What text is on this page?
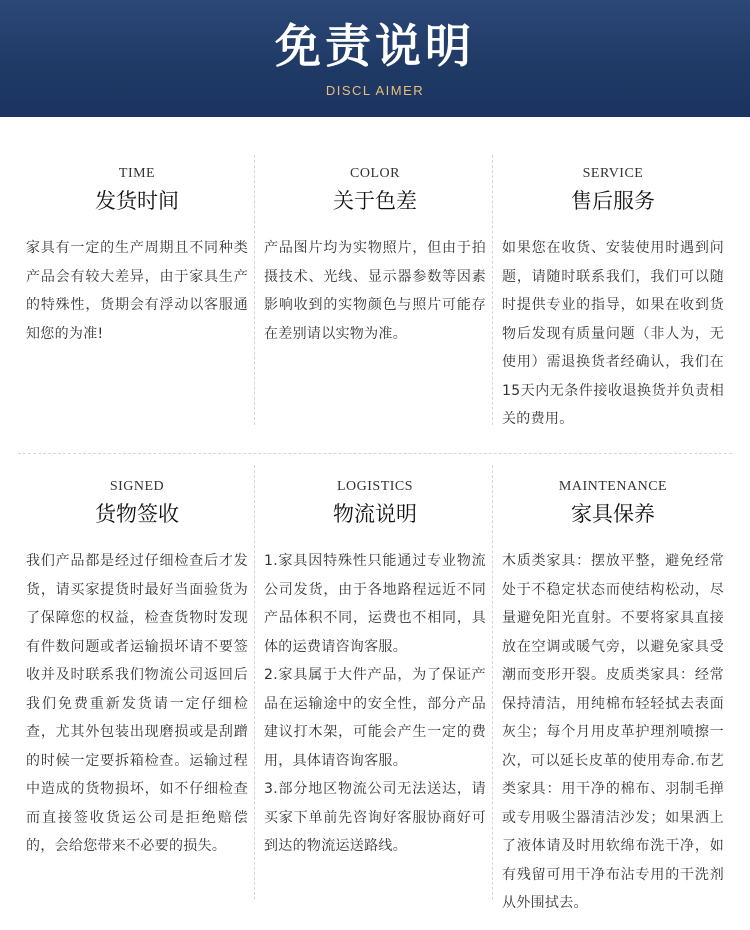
免责说明
DISCL AIMER
TIME
发货时间

家具有一定的生产周期且不同种类产品会有较大差异，由于家具生产的特殊性，货期会有浮动以客服通知您的为准!

COLOR
关于色差

产品图片均为实物照片，但由于拍摄技术、光线、显示器参数等因素影响收到的实物颜色与照片可能存在差别请以实物为准。

SERVICE
售后服务

如果您在收货、安装使用时遇到问题，请随时联系我们，我们可以随时提供专业的指导，如果在收到货物后发现有质量问题（非人为，无使用）需退换货者经确认，我们在15天内无条件接收退换货并负责相关的费用。

SIGNED
货物签收

我们产品都是经过仔细检查后才发货，请买家提货时最好当面验货为了保障您的权益，检查货物时发现有件数问题或者运输损坏请不要签收并及时联系我们物流公司返回后我们免费重新发货请一定仔细检查，尤其外包装出现磨损或是刮蹭的时候一定要拆箱检查。运输过程中造成的货物损坏，如不仔细检查而直接签收货运公司是拒绝赔偿的，会给您带来不必要的损失。

LOGISTICS
物流说明

1.家具因特殊性只能通过专业物流公司发货，由于各地路程远近不同产品体积不同，运费也不相同，具体的运费请咨询客服。

2.家具属于大件产品，为了保证产品在运输途中的安全性，部分产品建议打木架，可能会产生一定的费用，具体请咨询客服。

3.部分地区物流公司无法送达，请买家下单前先咨询好客服协商好可到达的物流运送路线。

MAINTENANCE
家具保养

木质类家具：摆放平整，避免经常处于不稳定状态而使结构松动，尽量避免阳光直射。不要将家具直接放在空调或暖气旁，以避免家具受潮而变形开裂。皮质类家具：经常保持清洁，用纯棉布轻轻拭去表面灰尘；每个月用皮革护理剂喷擦一次，可以延长皮革的使用寿命.布艺类家具：用干净的棉布、羽制毛掸或专用吸尘器清洁沙发；如果洒上了液体请及时用软绵布洗干净，如有残留可用干净布沾专用的干洗剂从外围拭去。
